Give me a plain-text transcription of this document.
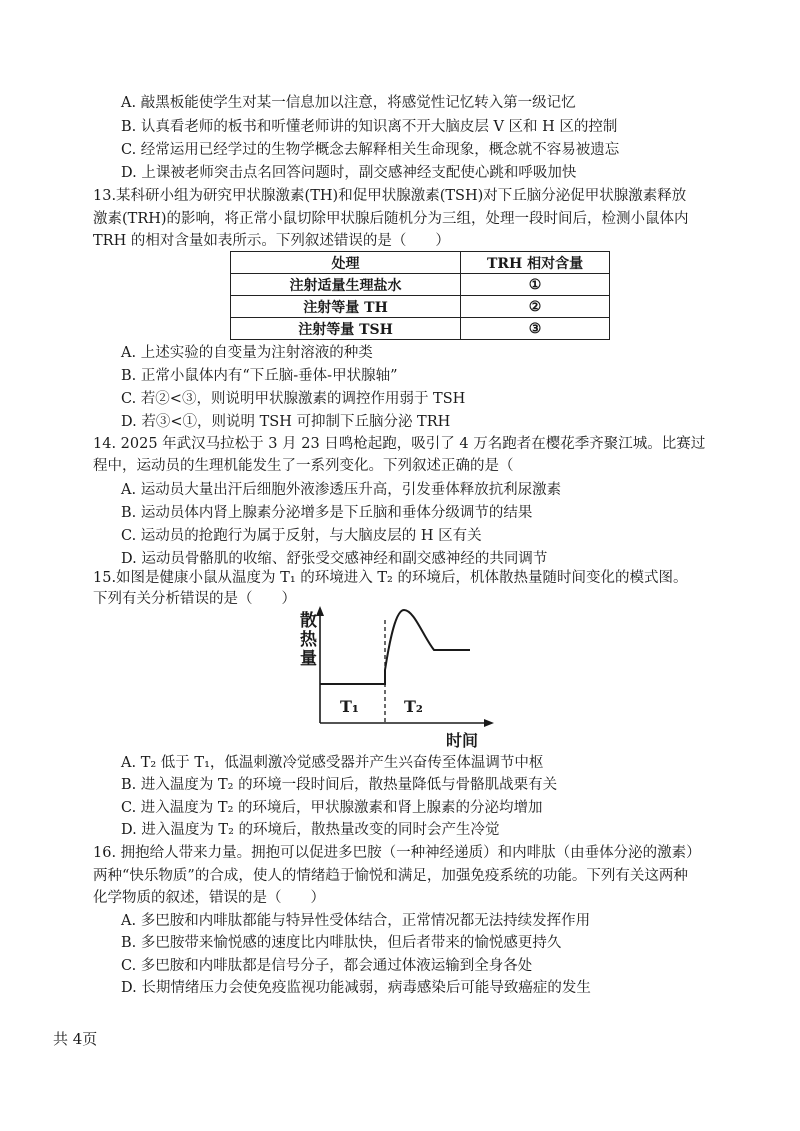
A. 敲黑板能使学生对某一信息加以注意，将感觉性记忆转入第一级记忆
B. 认真看老师的板书和听懂老师讲的知识离不开大脑皮层 V 区和 H 区的控制
C. 经常运用已经学过的生物学概念去解释相关生命现象，概念就不容易被遗忘
D. 上课被老师突击点名回答问题时，副交感神经支配使心跳和呼吸加快
13.某科研小组为研究甲状腺激素(TH)和促甲状腺激素(TSH)对下丘脑分泌促甲状腺激素释放
激素(TRH)的影响，将正常小鼠切除甲状腺后随机分为三组，处理一段时间后，检测小鼠体内
TRH 的相对含量如表所示。下列叙述错误的是（　　）
处理	TRH 相对含量
注射适量生理盐水	①
注射等量 TH	②
注射等量 TSH	③
A. 上述实验的自变量为注射溶液的种类
B. 正常小鼠体内有“下丘脑-垂体-甲状腺轴”
C. 若②<③，则说明甲状腺激素的调控作用弱于 TSH
D. 若③<①，则说明 TSH 可抑制下丘脑分泌 TRH
14. 2025 年武汉马拉松于 3 月 23 日鸣枪起跑，吸引了 4 万名跑者在樱花季齐聚江城。比赛过
程中，运动员的生理机能发生了一系列变化。下列叙述正确的是（
A. 运动员大量出汗后细胞外液渗透压升高，引发垂体释放抗利尿激素
B. 运动员体内肾上腺素分泌增多是下丘脑和垂体分级调节的结果
C. 运动员的抢跑行为属于反射，与大脑皮层的 H 区有关
D. 运动员骨骼肌的收缩、舒张受交感神经和副交感神经的共同调节
15.如图是健康小鼠从温度为 T₁ 的环境进入 T₂ 的环境后，机体散热量随时间变化的模式图。
下列有关分析错误的是（　　）
散
热
量
T₁	T₂
时间
A. T₂ 低于 T₁，低温刺激冷觉感受器并产生兴奋传至体温调节中枢
B. 进入温度为 T₂ 的环境一段时间后，散热量降低与骨骼肌战栗有关
C. 进入温度为 T₂ 的环境后，甲状腺激素和肾上腺素的分泌均增加
D. 进入温度为 T₂ 的环境后，散热量改变的同时会产生冷觉
16. 拥抱给人带来力量。拥抱可以促进多巴胺（一种神经递质）和内啡肽（由垂体分泌的激素）
两种“快乐物质”的合成，使人的情绪趋于愉悦和满足，加强免疫系统的功能。下列有关这两种
化学物质的叙述，错误的是（　　）
A. 多巴胺和内啡肽都能与特异性受体结合，正常情况都无法持续发挥作用
B. 多巴胺带来愉悦感的速度比内啡肽快，但后者带来的愉悦感更持久
C. 多巴胺和内啡肽都是信号分子，都会通过体液运输到全身各处
D. 长期情绪压力会使免疫监视功能减弱，病毒感染后可能导致癌症的发生
共 4页
